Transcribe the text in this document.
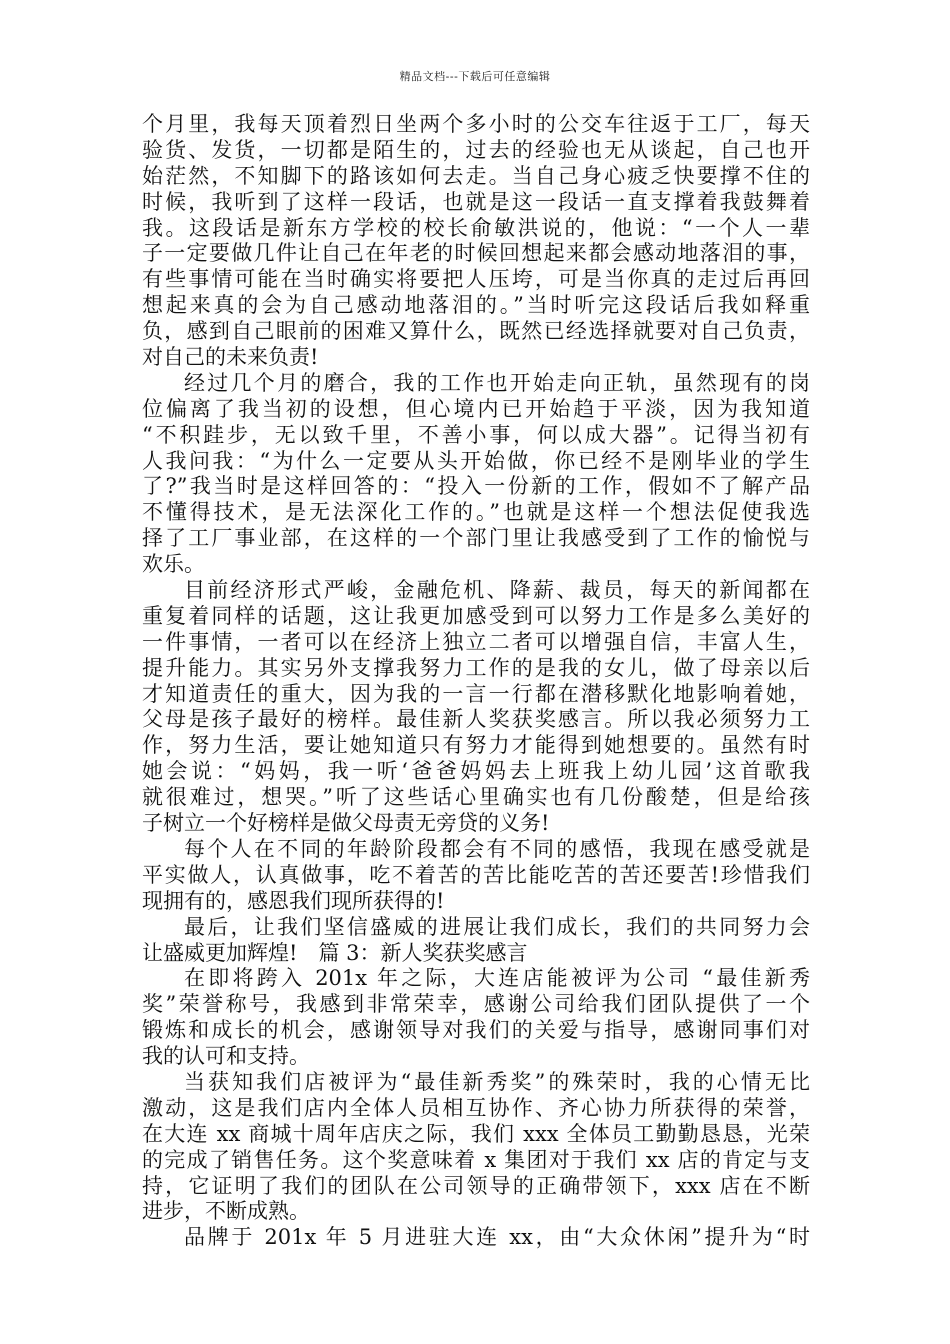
精品文档---下载后可任意编辑
个月里，我每天顶着烈日坐两个多小时的公交车往返于工厂，每天
验货、发货，一切都是陌生的，过去的经验也无从谈起，自己也开
始茫然，不知脚下的路该如何去走。当自己身心疲乏快要撑不住的
时候，我听到了这样一段话，也就是这一段话一直支撑着我鼓舞着
我。这段话是新东方学校的校长俞敏洪说的，他说：“一个人一辈
子一定要做几件让自己在年老的时候回想起来都会感动地落泪的事，
有些事情可能在当时确实将要把人压垮，可是当你真的走过后再回
想起来真的会为自己感动地落泪的。”当时听完这段话后我如释重
负，感到自己眼前的困难又算什么，既然已经选择就要对自己负责，
对自己的未来负责!
经过几个月的磨合，我的工作也开始走向正轨，虽然现有的岗
位偏离了我当初的设想，但心境内已开始趋于平淡，因为我知道
“不积跬步，无以致千里，不善小事，何以成大器”。记得当初有
人我问我：“为什么一定要从头开始做，你已经不是刚毕业的学生
了?”我当时是这样回答的：“投入一份新的工作，假如不了解产品
不懂得技术，是无法深化工作的。”也就是这样一个想法促使我选
择了工厂事业部，在这样的一个部门里让我感受到了工作的愉悦与
欢乐。
目前经济形式严峻，金融危机、降薪、裁员，每天的新闻都在
重复着同样的话题，这让我更加感受到可以努力工作是多么美好的
一件事情，一者可以在经济上独立二者可以增强自信，丰富人生，
提升能力。其实另外支撑我努力工作的是我的女儿，做了母亲以后
才知道责任的重大，因为我的一言一行都在潜移默化地影响着她，
父母是孩子最好的榜样。最佳新人奖获奖感言。所以我必须努力工
作，努力生活，要让她知道只有努力才能得到她想要的。虽然有时
她会说：“妈妈，我一听‘爸爸妈妈去上班我上幼儿园’这首歌我
就很难过，想哭。”听了这些话心里确实也有几份酸楚，但是给孩
子树立一个好榜样是做父母责无旁贷的义务!
每个人在不同的年龄阶段都会有不同的感悟，我现在感受就是
平实做人，认真做事，吃不着苦的苦比能吃苦的苦还要苦!珍惜我们
现拥有的，感恩我们现所获得的!
最后，让我们坚信盛威的进展让我们成长，我们的共同努力会
让盛威更加辉煌!　篇 3：新人奖获奖感言
在即将跨入 201x 年之际，大连店能被评为公司 “最佳新秀
奖”荣誉称号，我感到非常荣幸，感谢公司给我们团队提供了一个
锻炼和成长的机会，感谢领导对我们的关爱与指导，感谢同事们对
我的认可和支持。
当获知我们店被评为“最佳新秀奖”的殊荣时，我的心情无比
激动，这是我们店内全体人员相互协作、齐心协力所获得的荣誉，
在大连 xx 商城十周年店庆之际，我们 xxx 全体员工勤勤恳恳，光荣
的完成了销售任务。这个奖意味着 x 集团对于我们 xx 店的肯定与支
持，它证明了我们的团队在公司领导的正确带领下，xxx 店在不断
进步，不断成熟。
品牌于 201x 年 5 月进驻大连 xx，由“大众休闲”提升为“时
